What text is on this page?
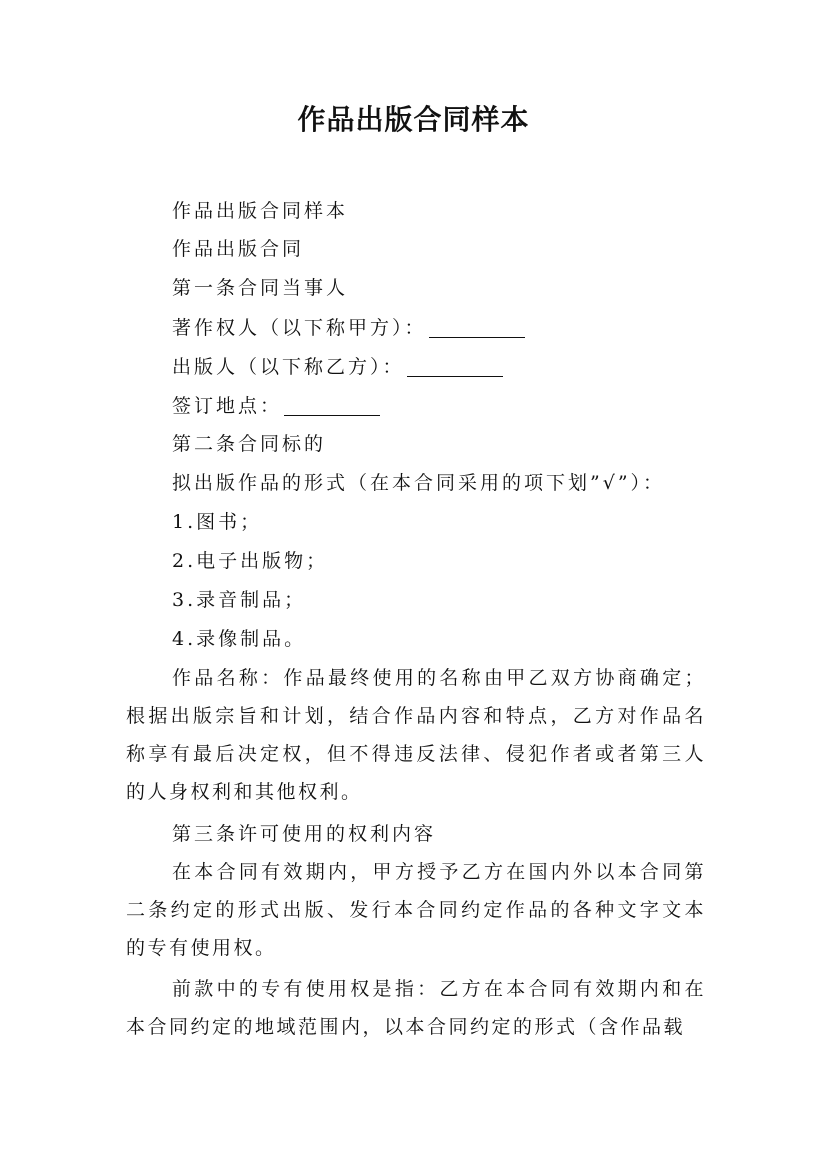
作品出版合同样本
作品出版合同样本
作品出版合同
第一条合同当事人
著作权人（以下称甲方）：
出版人（以下称乙方）：
签订地点：
第二条合同标的
拟出版作品的形式（在本合同采用的项下划”√”）：
1.图书；
2.电子出版物；
3.录音制品；
4.录像制品。
作品名称：作品最终使用的名称由甲乙双方协商确定；根据出版宗旨和计划，结合作品内容和特点，乙方对作品名称享有最后决定权，但不得违反法律、侵犯作者或者第三人的人身权利和其他权利。
第三条许可使用的权利内容
在本合同有效期内，甲方授予乙方在国内外以本合同第二条约定的形式出版、发行本合同约定作品的各种文字文本的专有使用权。
前款中的专有使用权是指：乙方在本合同有效期内和在本合同约定的地域范围内，以本合同约定的形式（含作品载
